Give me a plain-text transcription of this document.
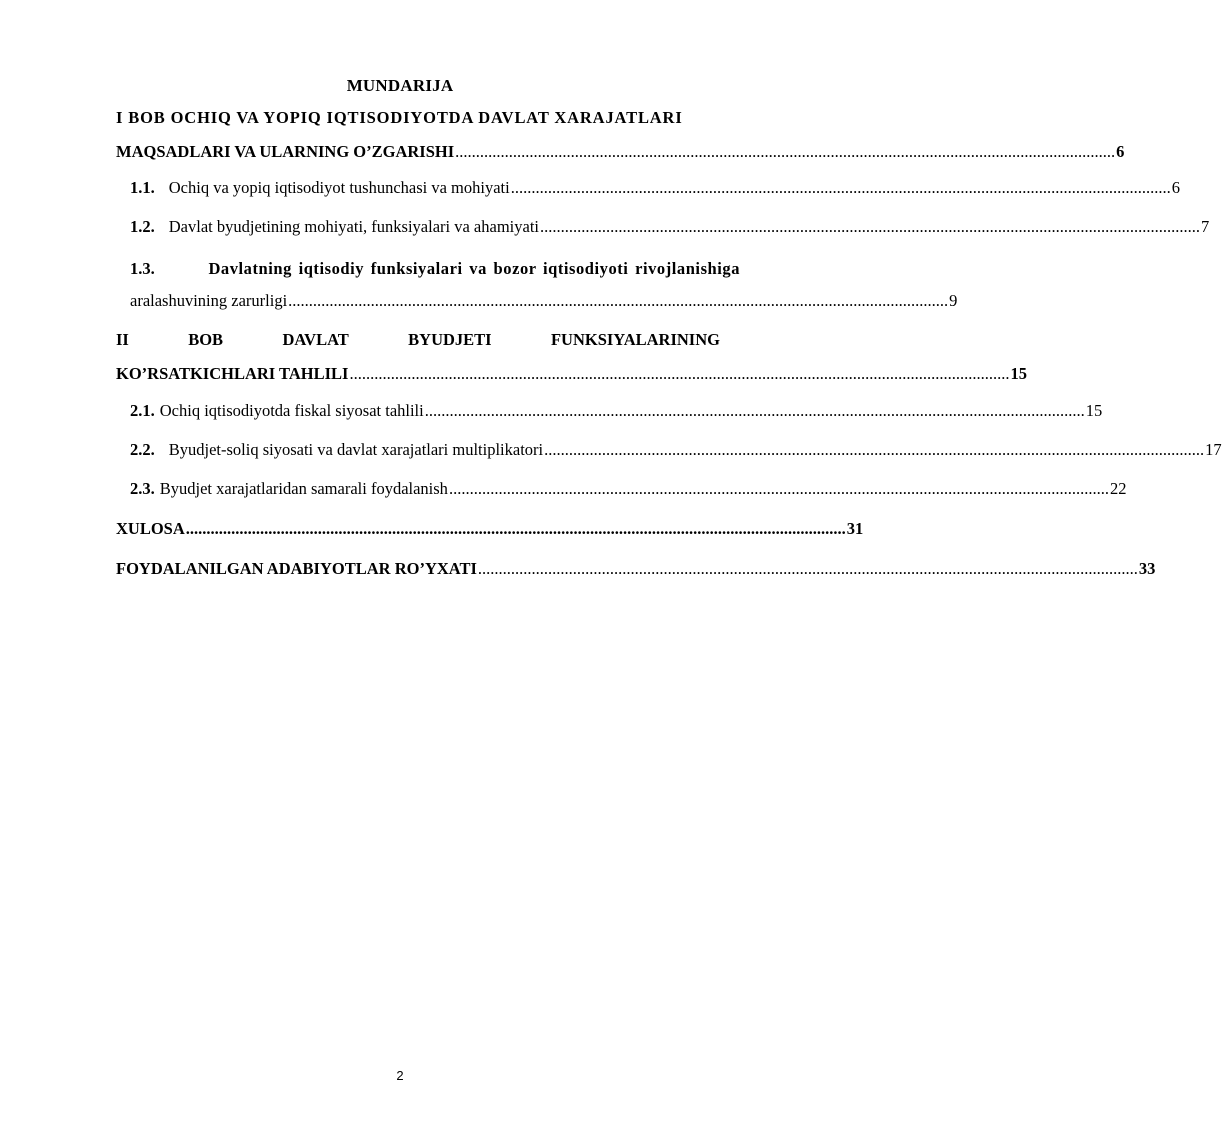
MUNDARIJA
I BOB OCHIQ VA YOPIQ IQTISODIYOTDA DAVLAT XARAJATLARI
MAQSADLARI VA ULARNING O’ZGARISHI ................................................................................................................................................................ 6
1.1. Ochiq va yopiq iqtisodiyot tushunchasi va mohiyati ................................................................................................................................................................ 6
1.2. Davlat byudjetining mohiyati, funksiyalari va ahamiyati ................................................................................................................................................................ 7
1.3.	Davlatning iqtisodiy funksiyalari va bozor iqtisodiyoti rivojlanishiga
aralashuvining zarurligi ................................................................................................................................................................ 9
II	BOB	DAVLAT	BYUDJETI	FUNKSIYALARINING
KO’RSATKICHLARI TAHLILI ................................................................................................................................................................ 15
2.1. Ochiq iqtisodiyotda fiskal siyosat tahlili ................................................................................................................................................................ 15
2.2. Byudjet-soliq siyosati va davlat xarajatlari multiplikatori ................................................................................................................................................................ 17
2.3. Byudjet xarajatlaridan samarali foydalanish ................................................................................................................................................................ 22
XULOSA ................................................................................................................................................................ 31
FOYDALANILGAN ADABIYOTLAR RO’YXATI ................................................................................................................................................................ 33
2
